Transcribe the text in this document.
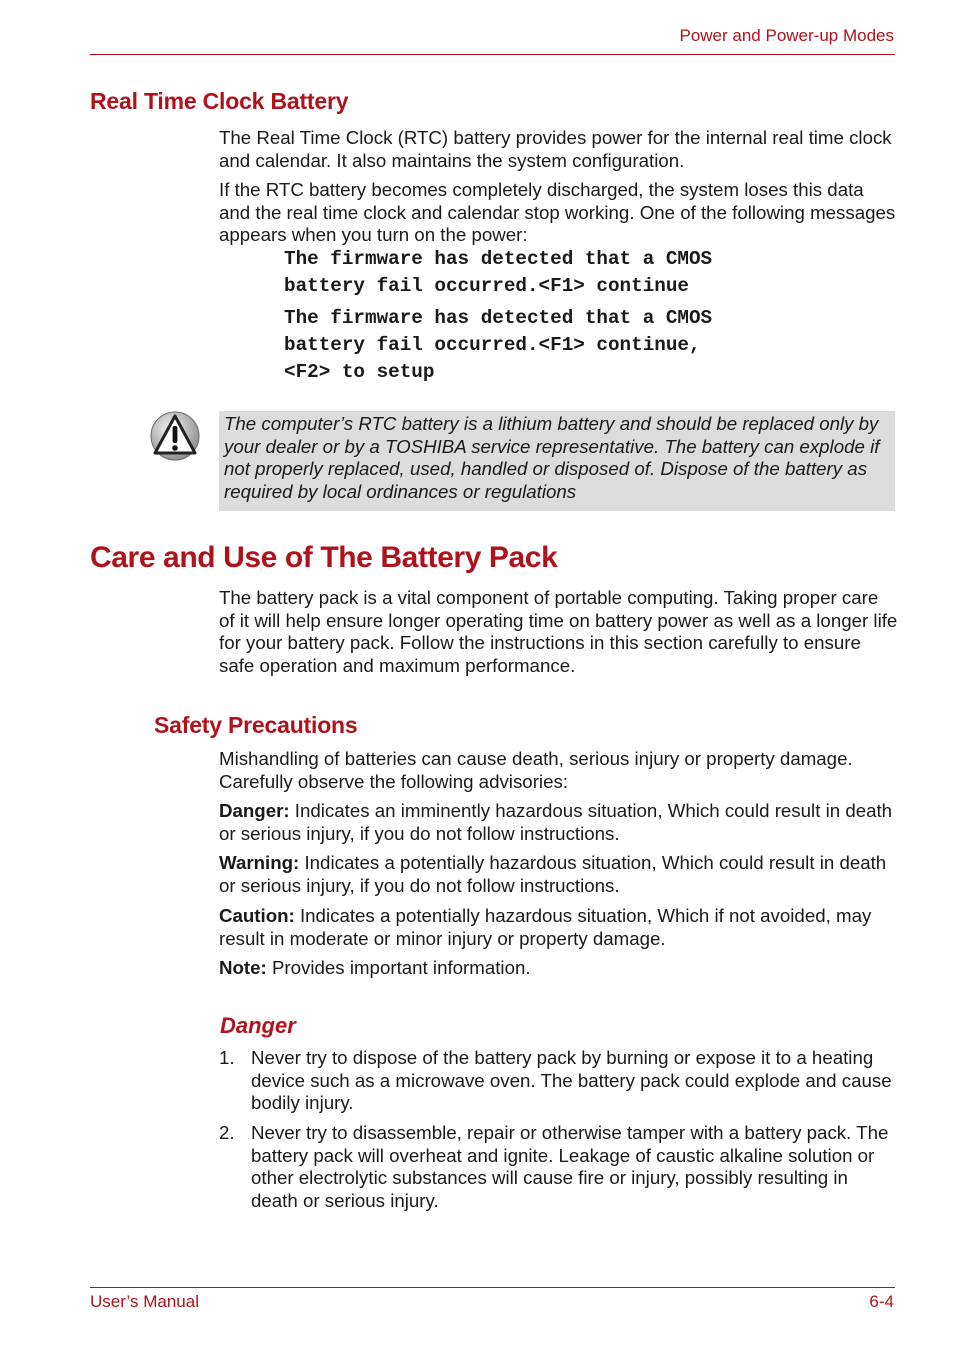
Power and Power-up Modes
Real Time Clock Battery

The Real Time Clock (RTC) battery provides power for the internal real time clock and calendar. It also maintains the system configuration.

If the RTC battery becomes completely discharged, the system loses this data and the real time clock and calendar stop working. One of the following messages appears when you turn on the power:

The firmware has detected that a CMOS
battery fail occurred.<F1> continue
The firmware has detected that a CMOS
battery fail occurred.<F1> continue,
<F2> to setup
The computer’s RTC battery is a lithium battery and should be replaced only by your dealer or by a TOSHIBA service representative. The battery can explode if not properly replaced, used, handled or disposed of. Dispose of the battery as required by local ordinances or regulations
Care and Use of The Battery Pack

The battery pack is a vital component of portable computing. Taking proper care of it will help ensure longer operating time on battery power as well as a longer life for your battery pack. Follow the instructions in this section carefully to ensure safe operation and maximum performance.

Safety Precautions

Mishandling of batteries can cause death, serious injury or property damage. Carefully observe the following advisories:

Danger: Indicates an imminently hazardous situation, Which could result in death or serious injury, if you do not follow instructions.

Warning: Indicates a potentially hazardous situation, Which could result in death or serious injury, if you do not follow instructions.

Caution: Indicates a potentially hazardous situation, Which if not avoided, may result in moderate or minor injury or property damage.

Note: Provides important information.

Danger
1. Never try to dispose of the battery pack by burning or expose it to a heating device such as a microwave oven. The battery pack could explode and cause bodily injury.
2. Never try to disassemble, repair or otherwise tamper with a battery pack. The battery pack will overheat and ignite. Leakage of caustic alkaline solution or other electrolytic substances will cause fire or injury, possibly resulting in death or serious injury.
User’s Manual	6-4
